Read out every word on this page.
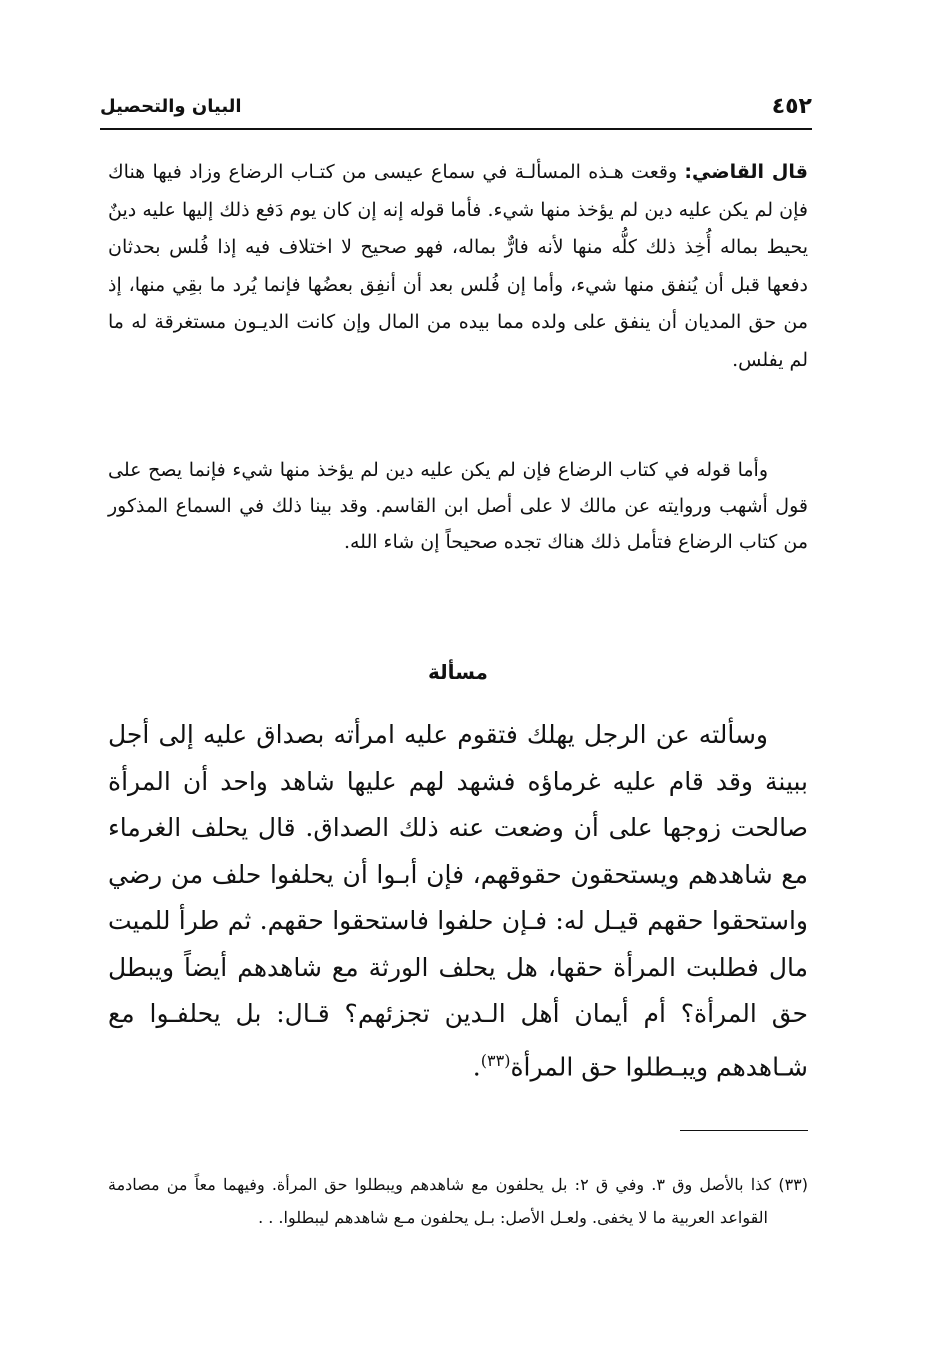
٤٥٢
البيان والتحصيل

قال القاضي: وقعت هـذه المسألـة في سماع عيسى من كتـاب الرضاع وزاد فيها هناك فإن لم يكن عليه دين لم يؤخذ منها شيء. فأما قوله إنه إن كان يوم دَفع ذلك إليها عليه دينٌ يحيط بماله أُخِذ ذلك كلُّه منها لأنه فارٌّ بماله، فهو صحيح لا اختلاف فيه إذا فُلس بحدثان دفعها قبل أن يُنفق منها شيء، وأما إن فُلس بعد أن أنفِق بعضُها فإنما يُرد ما بقِي منها، إذ من حق المديان أن ينفق على ولده مما بيده من المال وإن كانت الديـون مستغرقة له ما لم يفلس.

وأما قوله في كتاب الرضاع فإن لم يكن عليه دين لم يؤخذ منها شيء فإنما يصح على قول أشهب وروايته عن مالك لا على أصل ابن القاسم. وقد بينا ذلك في السماع المذكور من كتاب الرضاع فتأمل ذلك هناك تجده صحيحاً إن شاء الله.

مسألة

وسألته عن الرجل يهلك فتقوم عليه امرأته بصداق عليه إلى أجل ببينة وقد قام عليه غرماؤه فشهد لهم عليها شاهد واحد أن المرأة صالحت زوجها على أن وضعت عنه ذلك الصداق. قال يحلف الغرماء مع شاهدهم ويستحقون حقوقهم، فإن أبـوا أن يحلفوا حلف من رضي واستحقوا حقهم قيـل له: فـإن حلفوا فاستحقوا حقهم. ثم طرأ للميت مال فطلبت المرأة حقها، هل يحلف الورثة مع شاهدهم أيضاً ويبطل حق المرأة؟ أم أيمان أهل الـدين تجزئهم؟ قـال: بل يحلفـوا مع شـاهدهم ويبـطلوا حق المرأة$^{(٣٣)}$.

(٣٣) كذا بالأصل وق ٣. وفي ق ٢: بل يحلفون مع شاهدهم ويبطلوا حق المرأة. وفيهما معاً من مصادمة القواعد العربية ما لا يخفى. ولعـل الأصل: بـل يحلفون مـع شاهدهم ليبطلوا. . .
